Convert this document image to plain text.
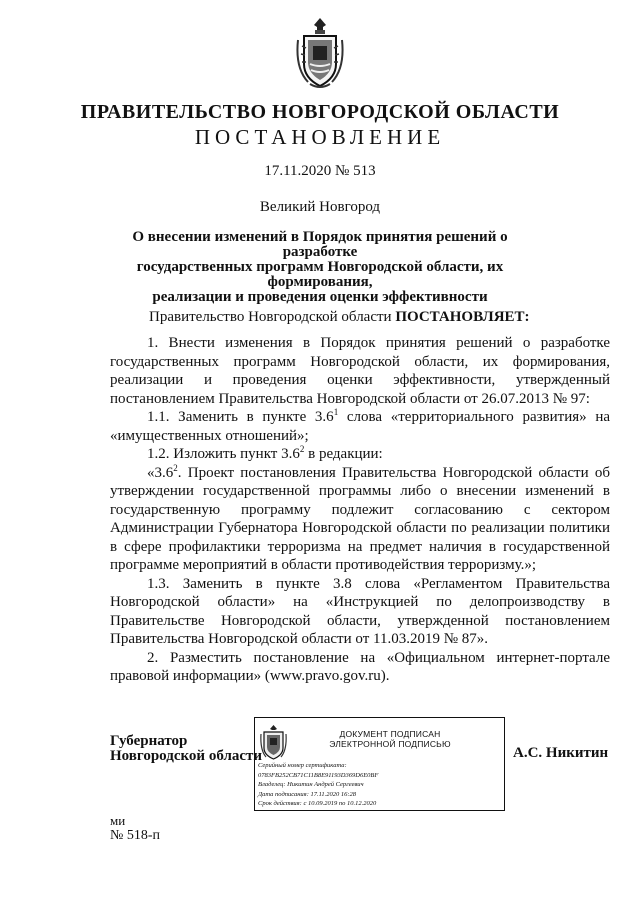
ПРАВИТЕЛЬСТВО НОВГОРОДСКОЙ ОБЛАСТИ
ПОСТАНОВЛЕНИЕ
17.11.2020 № 513
Великий Новгород
О внесении изменений в Порядок принятия решений о разработке
государственных программ Новгородской области, их формирования,
реализации и проведения оценки эффективности
Правительство Новгородской области ПОСТАНОВЛЯЕТ:

1. Внести изменения в Порядок принятия решений о разработке государственных программ Новгородской области, их формирования, реализации и проведения оценки эффективности, утвержденный постановлением Правительства Новгородской области от 26.07.2013 № 97:

1.1. Заменить в пункте $3.6^1$ слова «территориального развития» на «имущественных отношений»;

1.2. Изложить пункт $3.6^2$ в редакции:

«$3.6^2$. Проект постановления Правительства Новгородской области об утверждении государственной программы либо о внесении изменений в государственную программу подлежит согласованию с сектором Администрации Губернатора Новгородской области по реализации политики в сфере профилактики терроризма на предмет наличия в государственной программе мероприятий в области противодействия терроризму.»;

1.3. Заменить в пункте 3.8 слова «Регламентом Правительства Новгородской области» на «Инструкцией по делопроизводству в Правительстве Новгородской области, утвержденной постановлением Правительства Новгородской области от 11.03.2019 № 87».

2. Разместить постановление на «Официальном интернет-портале правовой информации» (www.pravo.gov.ru).

Губернатор
Новгородской области
ДОКУМЕНТ ПОДПИСАН
ЭЛЕКТРОННОЙ ПОДПИСЬЮ
Серийный номер сертификата:
0783FB252CB71C11B8E91193D369D6E0BF
Владелец: Никитин Андрей Сергеевич
Дата подписания: 17.11.2020 16:28
Срок действия: с 10.09.2019 по 10.12.2020
А.С. Никитин
ми
№ 518-п
